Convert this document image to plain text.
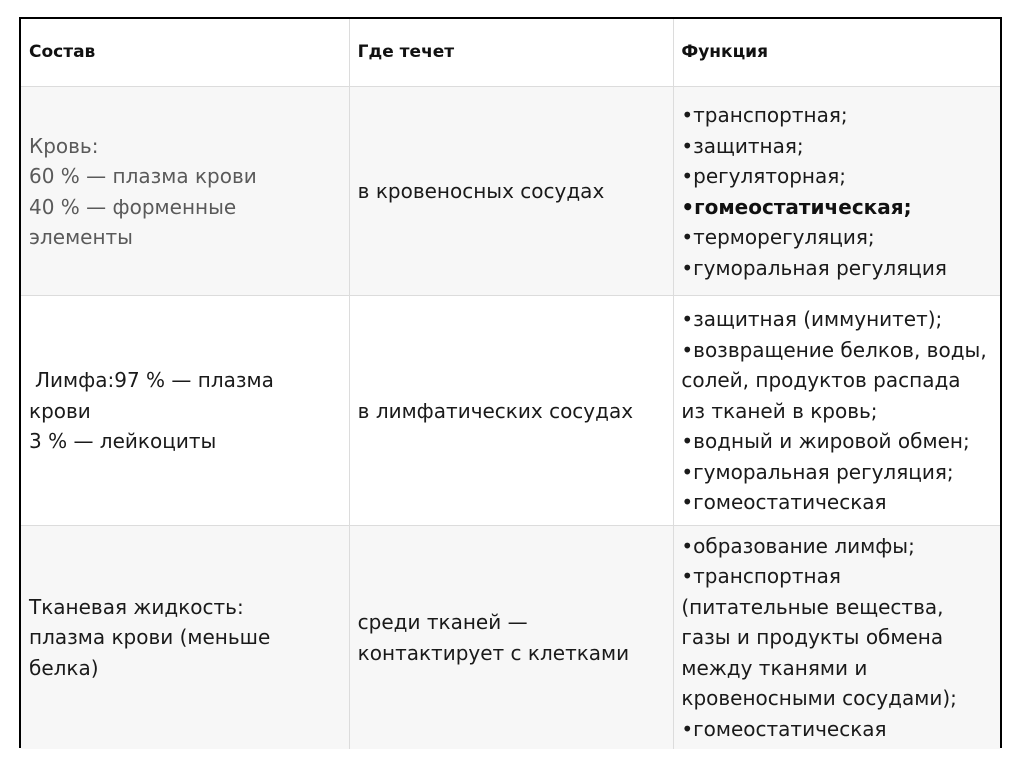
Состав	Где течет	Функция
Кровь:
60 % — плазма крови
40 % — форменные
элементы
в кровеносных сосудах
•транспортная;
•защитная;
•регуляторная;
•гомеостатическая;
•терморегуляция;
•гуморальная регуляция
Лимфа:97 % — плазма
крови
3 % — лейкоциты
в лимфатических сосудах
•защитная (иммунитет);
•возвращение белков, воды,
солей, продуктов распада
из тканей в кровь;
•водный и жировой обмен;
•гуморальная регуляция;
•гомеостатическая
Тканевая жидкость:
плазма крови (меньше
белка)
среди тканей —
контактирует с клетками
•образование лимфы;
•транспортная
(питательные вещества,
газы и продукты обмена
между тканями и
кровеносными сосудами);
•гомеостатическая
